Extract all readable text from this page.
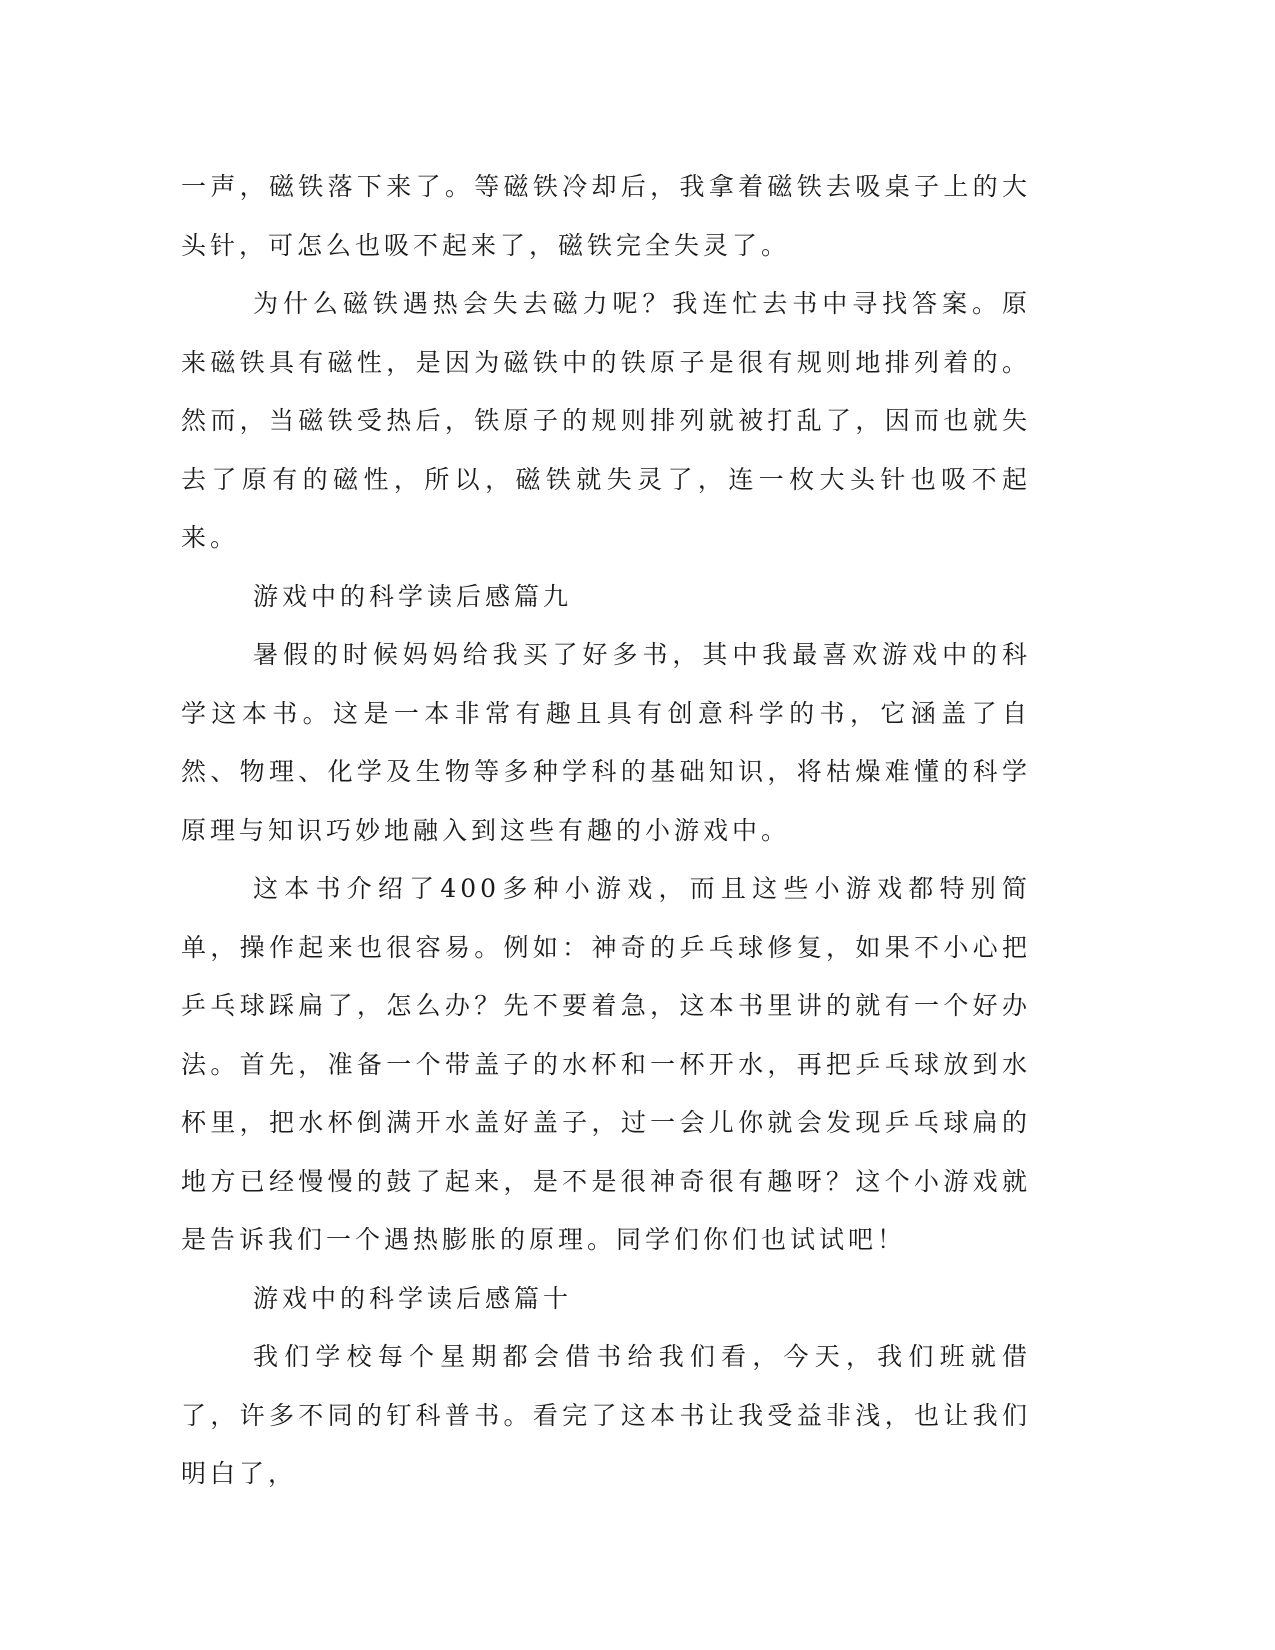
一声，磁铁落下来了。等磁铁冷却后，我拿着磁铁去吸桌子上的大头针，可怎么也吸不起来了，磁铁完全失灵了。

为什么磁铁遇热会失去磁力呢？我连忙去书中寻找答案。原来磁铁具有磁性，是因为磁铁中的铁原子是很有规则地排列着的。然而，当磁铁受热后，铁原子的规则排列就被打乱了，因而也就失去了原有的磁性，所以，磁铁就失灵了，连一枚大头针也吸不起来。

游戏中的科学读后感篇九

暑假的时候妈妈给我买了好多书，其中我最喜欢游戏中的科学这本书。这是一本非常有趣且具有创意科学的书，它涵盖了自然、物理、化学及生物等多种学科的基础知识，将枯燥难懂的科学原理与知识巧妙地融入到这些有趣的小游戏中。

这本书介绍了400多种小游戏，而且这些小游戏都特别简单，操作起来也很容易。例如：神奇的乒乓球修复，如果不小心把乒乓球踩扁了，怎么办？先不要着急，这本书里讲的就有一个好办法。首先，准备一个带盖子的水杯和一杯开水，再把乒乓球放到水杯里，把水杯倒满开水盖好盖子，过一会儿你就会发现乒乓球扁的地方已经慢慢的鼓了起来，是不是很神奇很有趣呀？这个小游戏就是告诉我们一个遇热膨胀的原理。同学们你们也试试吧！

游戏中的科学读后感篇十

我们学校每个星期都会借书给我们看，今天，我们班就借了，许多不同的钉科普书。看完了这本书让我受益非浅，也让我们明白了，
